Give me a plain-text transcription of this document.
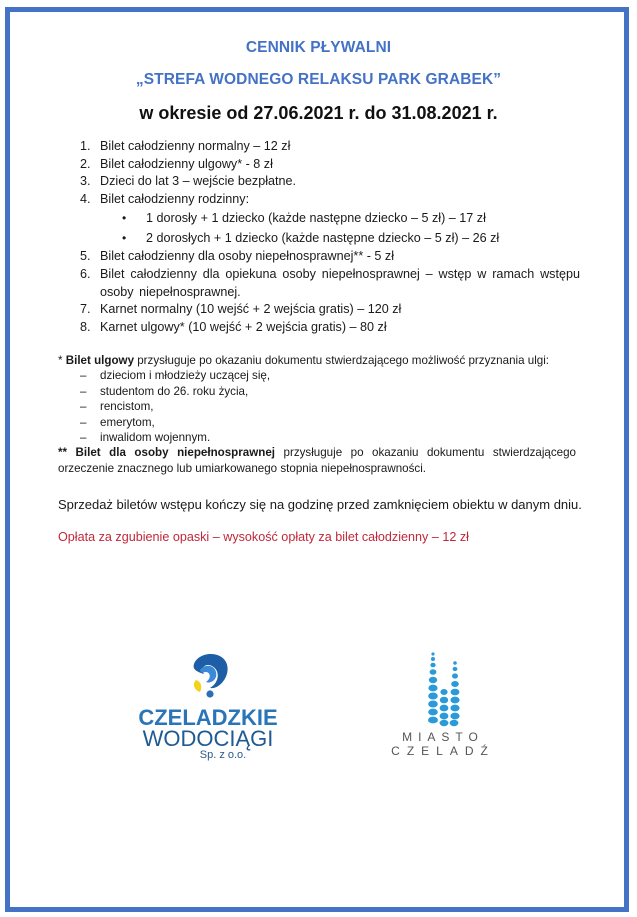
CENNIK PŁYWALNI
„STREFA WODNEGO RELAKSU PARK GRABEK”
w okresie od 27.06.2021 r. do 31.08.2021 r.
1. Bilet całodzienny normalny – 12 zł
2. Bilet całodzienny ulgowy* - 8 zł
3. Dzieci do lat 3 – wejście bezpłatne.
4. Bilet całodzienny rodzinny:
• 1 dorosły + 1 dziecko (każde następne dziecko – 5 zł) – 17 zł
• 2 dorosłych + 1 dziecko (każde następne dziecko – 5 zł) – 26 zł
5. Bilet całodzienny dla osoby niepełnosprawnej** - 5 zł
6. Bilet całodzienny dla opiekuna osoby niepełnosprawnej – wstęp w ramach wstępu osoby niepełnosprawnej.
7. Karnet normalny (10 wejść + 2 wejścia gratis) – 120 zł
8. Karnet ulgowy* (10 wejść + 2 wejścia gratis) – 80 zł
* Bilet ulgowy przysługuje po okazaniu dokumentu stwierdzającego możliwość przyznania ulgi:
– dzieciom i młodzieży uczącej się,
– studentom do 26. roku życia,
– rencistom,
– emerytom,
– inwalidom wojennym.
** Bilet dla osoby niepełnosprawnej przysługuje po okazaniu dokumentu stwierdzającego
orzeczenie znacznego lub umiarkowanego stopnia niepełnosprawności.
Sprzedaż biletów wstępu kończy się na godzinę przed zamknięciem obiektu w danym dniu.
Opłata za zgubienie opaski – wysokość opłaty za bilet całodzienny – 12 zł
CZELADZKIE
WODOCIĄGI
Sp. z o.o.
MIASTO
CZELADŹ
